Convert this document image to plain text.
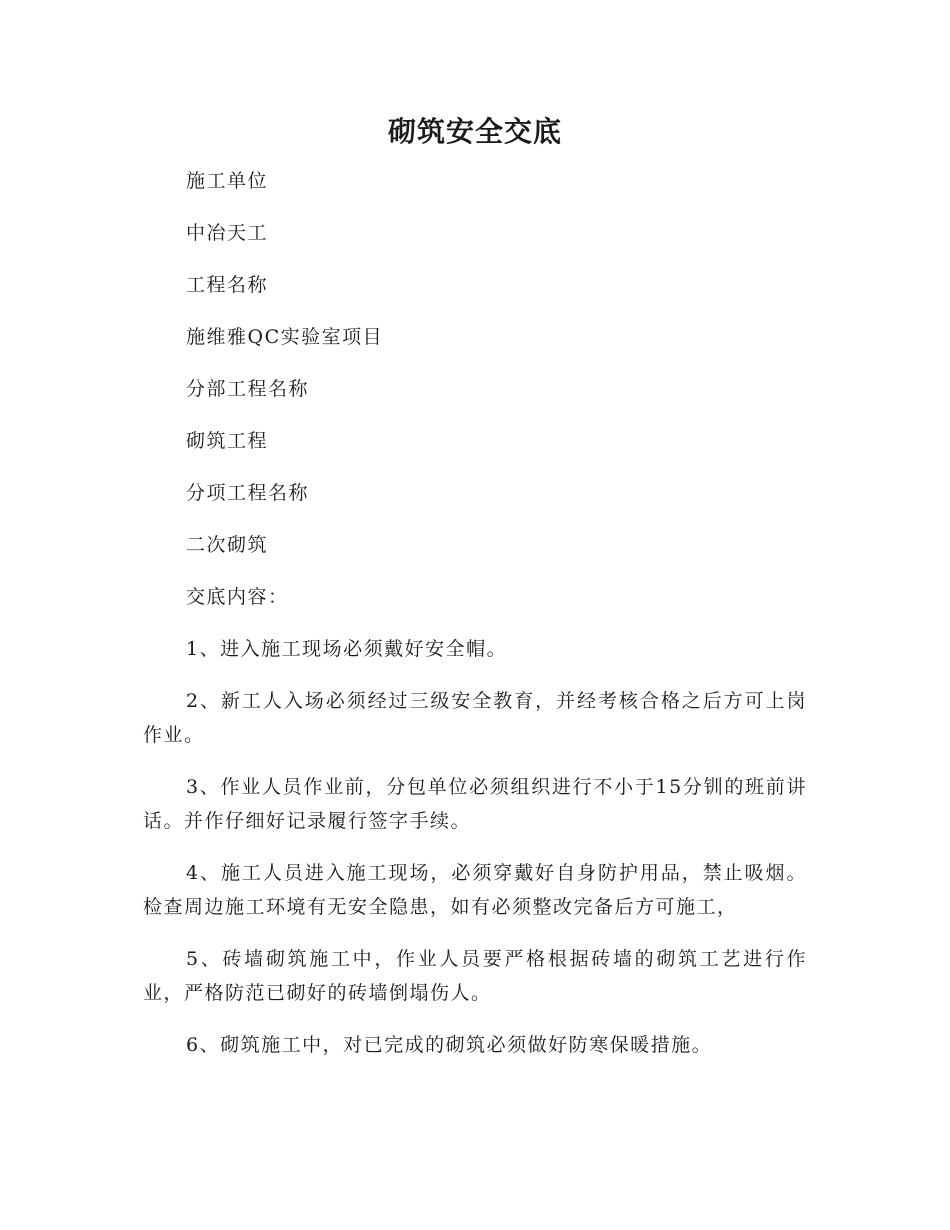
砌筑安全交底

施工单位

中冶天工

工程名称

施维雅QC实验室项目

分部工程名称

砌筑工程

分项工程名称

二次砌筑

交底内容：

1、进入施工现场必须戴好安全帽。

2、新工人入场必须经过三级安全教育，并经考核合格之后方可上岗作业。

3、作业人员作业前，分包单位必须组织进行不小于15分钏的班前讲话。并作仔细好记录履行签字手续。

4、施工人员进入施工现场，必须穿戴好自身防护用品，禁止吸烟。检查周边施工环境有无安全隐患，如有必须整改完备后方可施工，

5、砖墙砌筑施工中，作业人员要严格根据砖墙的砌筑工艺进行作业，严格防范已砌好的砖墙倒塌伤人。

6、砌筑施工中，对已完成的砌筑必须做好防寒保暖措施。
